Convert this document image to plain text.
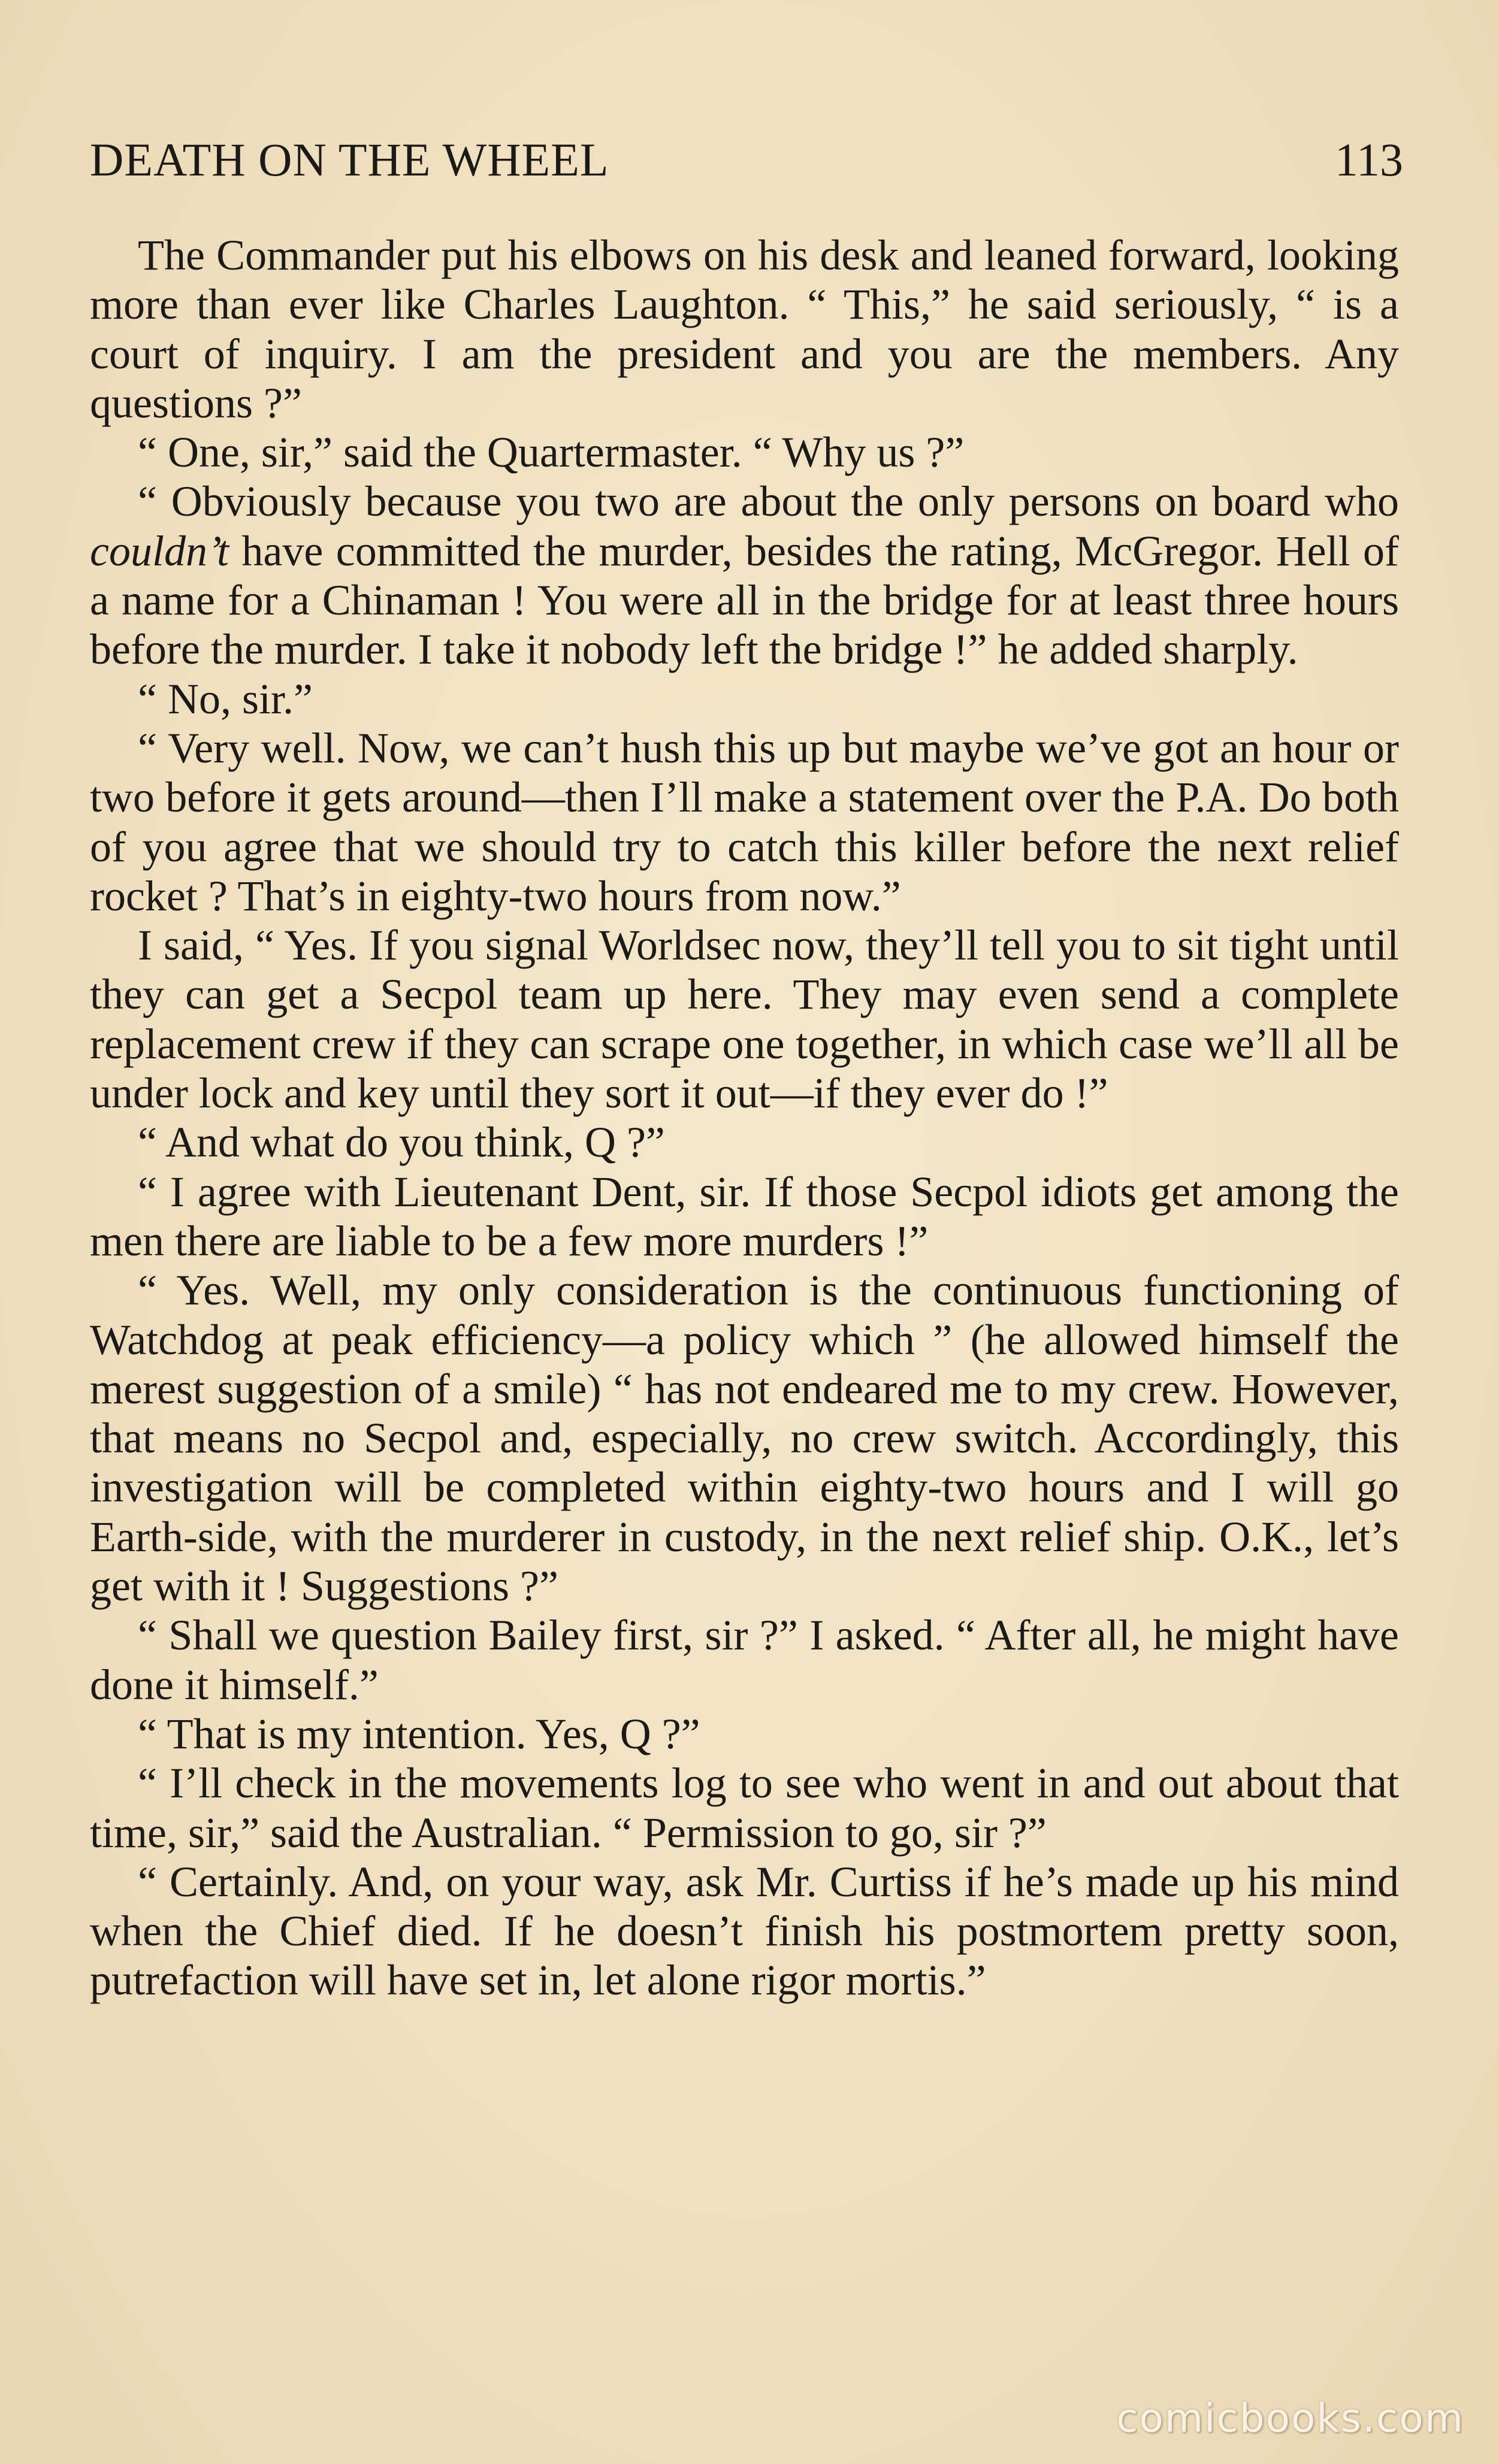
DEATH ON THE WHEEL	113

The Commander put his elbows on his desk and leaned forward, looking more than ever like Charles Laughton. “ This,” he said seriously, “ is a court of inquiry. I am the president and you are the members. Any questions ?”

“ One, sir,” said the Quartermaster. “ Why us ?”

“ Obviously because you two are about the only persons on board who couldn’t have committed the murder, besides the rating, McGregor. Hell of a name for a Chinaman ! You were all in the bridge for at least three hours before the murder. I take it nobody left the bridge !” he added sharply.

“ No, sir.”

“ Very well. Now, we can’t hush this up but maybe we’ve got an hour or two before it gets around—then I’ll make a statement over the P.A. Do both of you agree that we should try to catch this killer before the next relief rocket ? That’s in eighty-two hours from now.”

I said, “ Yes. If you signal Worldsec now, they’ll tell you to sit tight until they can get a Secpol team up here. They may even send a complete replacement crew if they can scrape one together, in which case we’ll all be under lock and key until they sort it out—if they ever do !”

“ And what do you think, Q ?”

“ I agree with Lieutenant Dent, sir. If those Secpol idiots get among the men there are liable to be a few more murders !”

“ Yes. Well, my only consideration is the continuous functioning of Watchdog at peak efficiency—a policy which ” (he allowed himself the merest suggestion of a smile) “ has not endeared me to my crew. However, that means no Secpol and, especially, no crew switch. Accordingly, this investigation will be completed within eighty-two hours and I will go Earth-side, with the murderer in custody, in the next relief ship. O.K., let’s get with it ! Suggestions ?”

“ Shall we question Bailey first, sir ?” I asked. “ After all, he might have done it himself.”

“ That is my intention. Yes, Q ?”

“ I’ll check in the movements log to see who went in and out about that time, sir,” said the Australian. “ Permission to go, sir ?”

“ Certainly. And, on your way, ask Mr. Curtiss if he’s made up his mind when the Chief died. If he doesn’t finish his postmortem pretty soon, putrefaction will have set in, let alone rigor mortis.”

comicbooks.com
